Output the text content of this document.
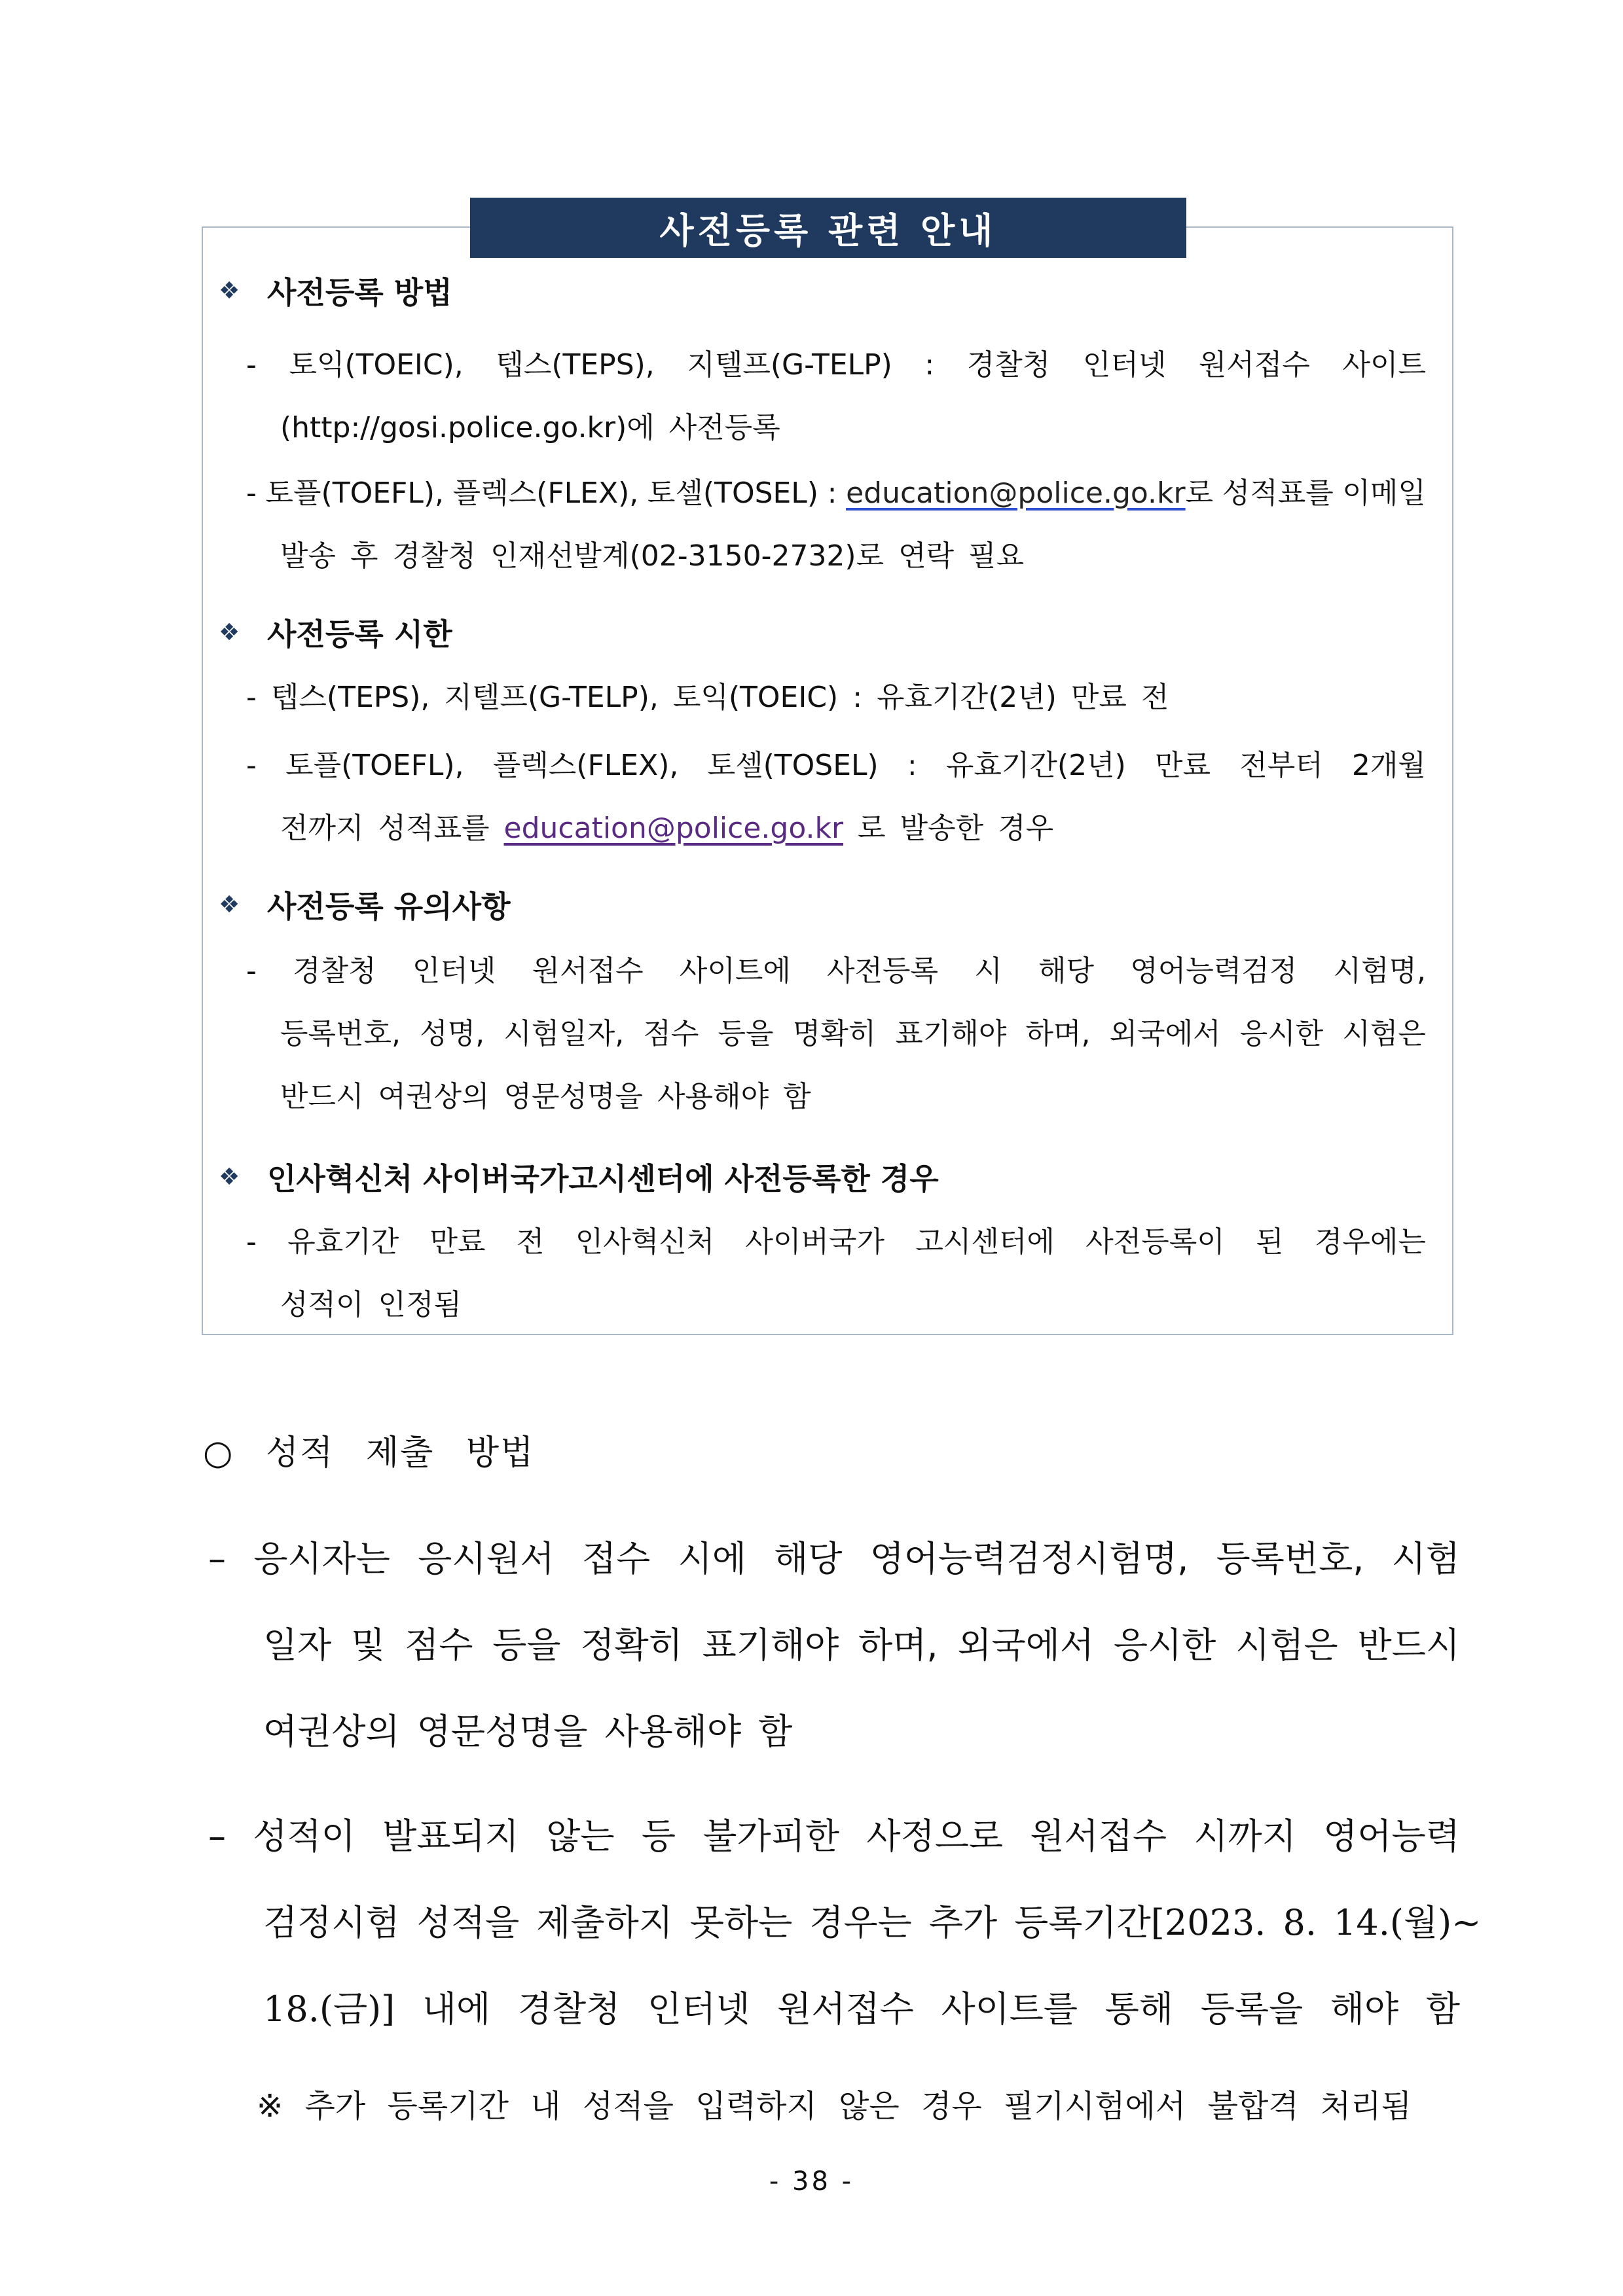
사전등록 관련 안내
❖ 사전등록 방법
- 토익(TOEIC), 텝스(TEPS), 지텔프(G-TELP) : 경찰청 인터넷 원서접수 사이트
(http://gosi.police.go.kr)에 사전등록
- 토플(TOEFL), 플렉스(FLEX), 토셀(TOSEL) : education@police.go.kr로 성적표를 이메일
발송 후 경찰청 인재선발계(02-3150-2732)로 연락 필요
❖ 사전등록 시한
- 텝스(TEPS), 지텔프(G-TELP), 토익(TOEIC) : 유효기간(2년) 만료 전
- 토플(TOEFL), 플렉스(FLEX), 토셀(TOSEL) : 유효기간(2년) 만료 전부터 2개월
전까지 성적표를 education@police.go.kr 로 발송한 경우
❖ 사전등록 유의사항
- 경찰청 인터넷 원서접수 사이트에 사전등록 시 해당 영어능력검정 시험명,
등록번호, 성명, 시험일자, 점수 등을 명확히 표기해야 하며, 외국에서 응시한 시험은
반드시 여권상의 영문성명을 사용해야 함
❖ 인사혁신처 사이버국가고시센터에 사전등록한 경우
- 유효기간 만료 전 인사혁신처 사이버국가 고시센터에 사전등록이 된 경우에는
성적이 인정됨
○ 성적 제출 방법
– 응시자는 응시원서 접수 시에 해당 영어능력검정시험명, 등록번호, 시험
일자 및 점수 등을 정확히 표기해야 하며, 외국에서 응시한 시험은 반드시
여권상의 영문성명을 사용해야 함
– 성적이 발표되지 않는 등 불가피한 사정으로 원서접수 시까지 영어능력
검정시험 성적을 제출하지 못하는 경우는 추가 등록기간[2023. 8. 14.(월)~
18.(금)] 내에 경찰청 인터넷 원서접수 사이트를 통해 등록을 해야 함
※ 추가 등록기간 내 성적을 입력하지 않은 경우 필기시험에서 불합격 처리됨
- 38 -
